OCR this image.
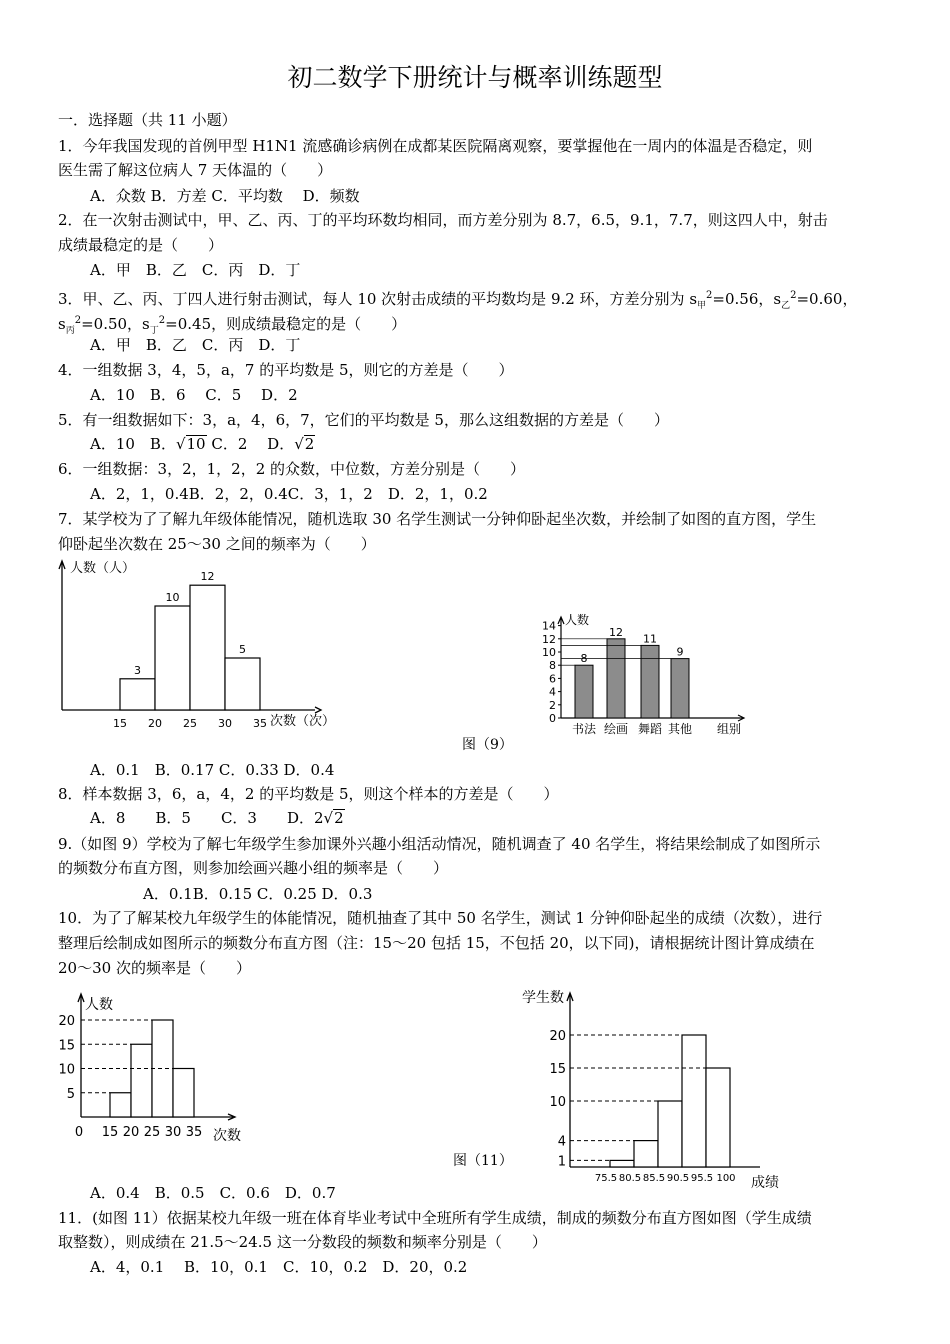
初二数学下册统计与概率训练题型
一．选择题（共 11 小题）
1．今年我国发现的首例甲型 H1N1 流感确诊病例在成都某医院隔离观察，要掌握他在一周内的体温是否稳定，则
医生需了解这位病人 7 天体温的（　　）
A．众数 B．方差 C．平均数　 D．频数
2．在一次射击测试中，甲、乙、丙、丁的平均环数均相同，而方差分别为 8.7，6.5，9.1，7.7，则这四人中，射击
成绩最稳定的是（　　）
A．甲　B．乙　C．丙　D．丁
3．甲、乙、丙、丁四人进行射击测试，每人 10 次射击成绩的平均数均是 9.2 环，方差分别为 $s_甲^2=0.56$，$s_乙^2=0.60$，
$s_丙^2=0.50$，$s_丁^2=0.45$，则成绩最稳定的是（　　）
A．甲　B．乙　C．丙　D．丁
4．一组数据 3，4，5，a，7 的平均数是 5，则它的方差是（　　）
A．10　B．6　 C．5　 D．2
5．有一组数据如下：3，a，4，6，7，它们的平均数是 5，那么这组数据的方差是（　　）
A．10　B．√10 C．2　 D．√2
6．一组数据：3，2，1，2，2 的众数，中位数，方差分别是（　　）
A．2，1，0.4B．2，2，0.4C．3，1，2　D．2，1，0.2
7．某学校为了了解九年级体能情况，随机选取 30 名学生测试一分钟仰卧起坐次数，并绘制了如图的直方图，学生
仰卧起坐次数在 25～30 之间的频率为（　　）
人数（人）
次数（次）
15 20 25 30 35
3
10
12
5
人数
组别
0
2
4
6
8
10
12
14
8
书法
12
绘画
11
舞蹈
9
其他
图（9）
A．0.1　B．0.17 C．0.33 D．0.4
8．样本数据 3，6，a，4，2 的平均数是 5，则这个样本的方差是（　　）
A．8　　B．5　　C．3　　D．2√2
9.（如图 9）学校为了解七年级学生参加课外兴趣小组活动情况，随机调查了 40 名学生，将结果绘制成了如图所示
的频数分布直方图，则参加绘画兴趣小组的频率是（　　）
A．0.1B．0.15 C．0.25 D．0.3
10．为了了解某校九年级学生的体能情况，随机抽查了其中 50 名学生，测试 1 分钟仰卧起坐的成绩（次数），进行
整理后绘制成如图所示的频数分布直方图（注：15～20 包括 15，不包括 20，以下同)，请根据统计图计算成绩在
20～30 次的频率是（　　）
人数
次数
5
10
15
20
0 15 20 25 30 35
学生数
成绩
1
4
10
15
20
75.5 80.5 85.5 90.5 95.5 100
图（11）
A．0.4　B．0.5　C．0.6　D．0.7
11．(如图 11）依据某校九年级一班在体育毕业考试中全班所有学生成绩，制成的频数分布直方图如图（学生成绩
取整数），则成绩在 21.5～24.5 这一分数段的频数和频率分别是（　　）
A．4，0.1　 B．10，0.1　C．10，0.2　D．20，0.2
